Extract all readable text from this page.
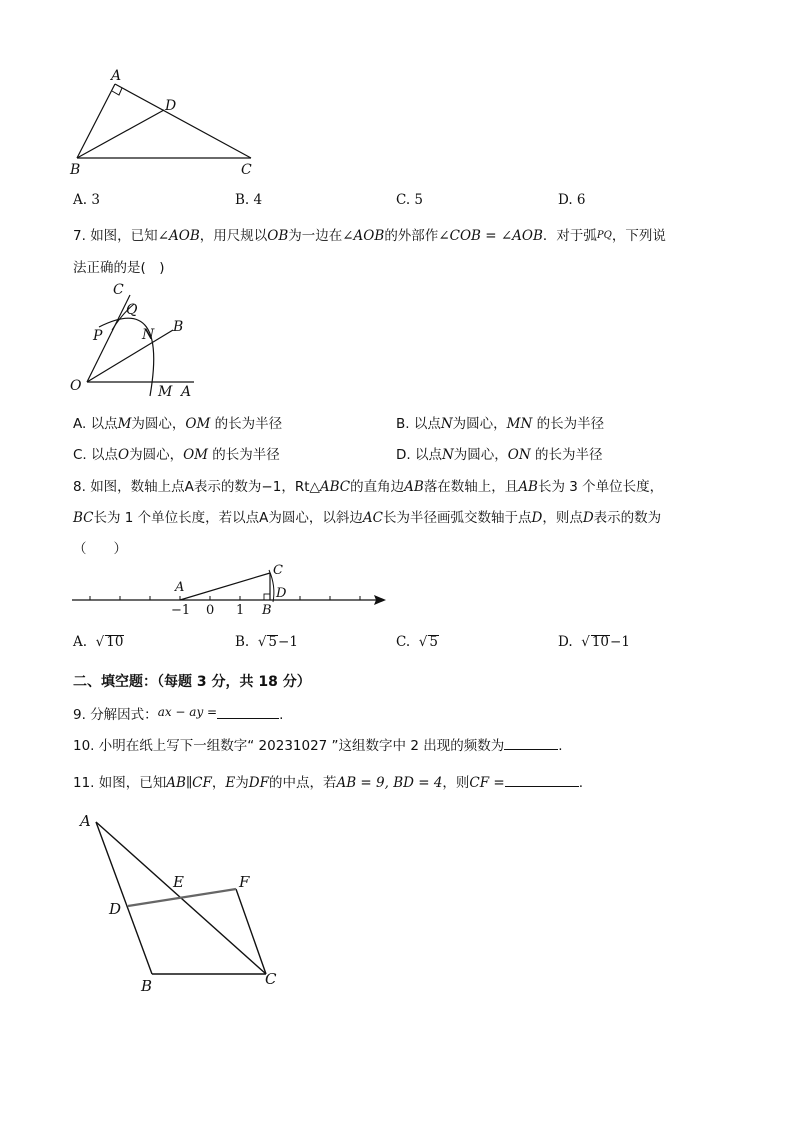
A
D
B	C
A. 3	B. 4	C. 5	D. 6
7. 如图，已知∠AOB，用尺规以OB为一边在∠AOB的外部作∠COB = ∠AOB．对于弧PQ，下列说
法正确的是(　)
C
Q
P	N B
O	M A
A. 以点M为圆心，OM 的长为半径	B. 以点N为圆心，MN 的长为半径
C. 以点O为圆心，OM 的长为半径	D. 以点N为圆心，ON 的长为半径
8. 如图，数轴上点A表示的数为−1，Rt△ABC的直角边AB落在数轴上，且AB长为 3 个单位长度，
BC长为 1 个单位长度，若以点A为圆心，以斜边AC长为半径画弧交数轴于点D，则点D表示的数为
（　　）
A
C
D
B
−1 0 1
A. √ 10	B. √ 5−1	C. √ 5	D. √ 10−1
二、填空题：（每题 3 分，共 18 分）
9. 分解因式：ax − ay =	.
10. 小明在纸上写下一组数字“ 20231027 ”这组数字中 2 出现的频数为	.
11. 如图，已知AB∥CF，E为DF的中点，若AB = 9, BD = 4，则CF =	.
A
E	F
D
B	C
